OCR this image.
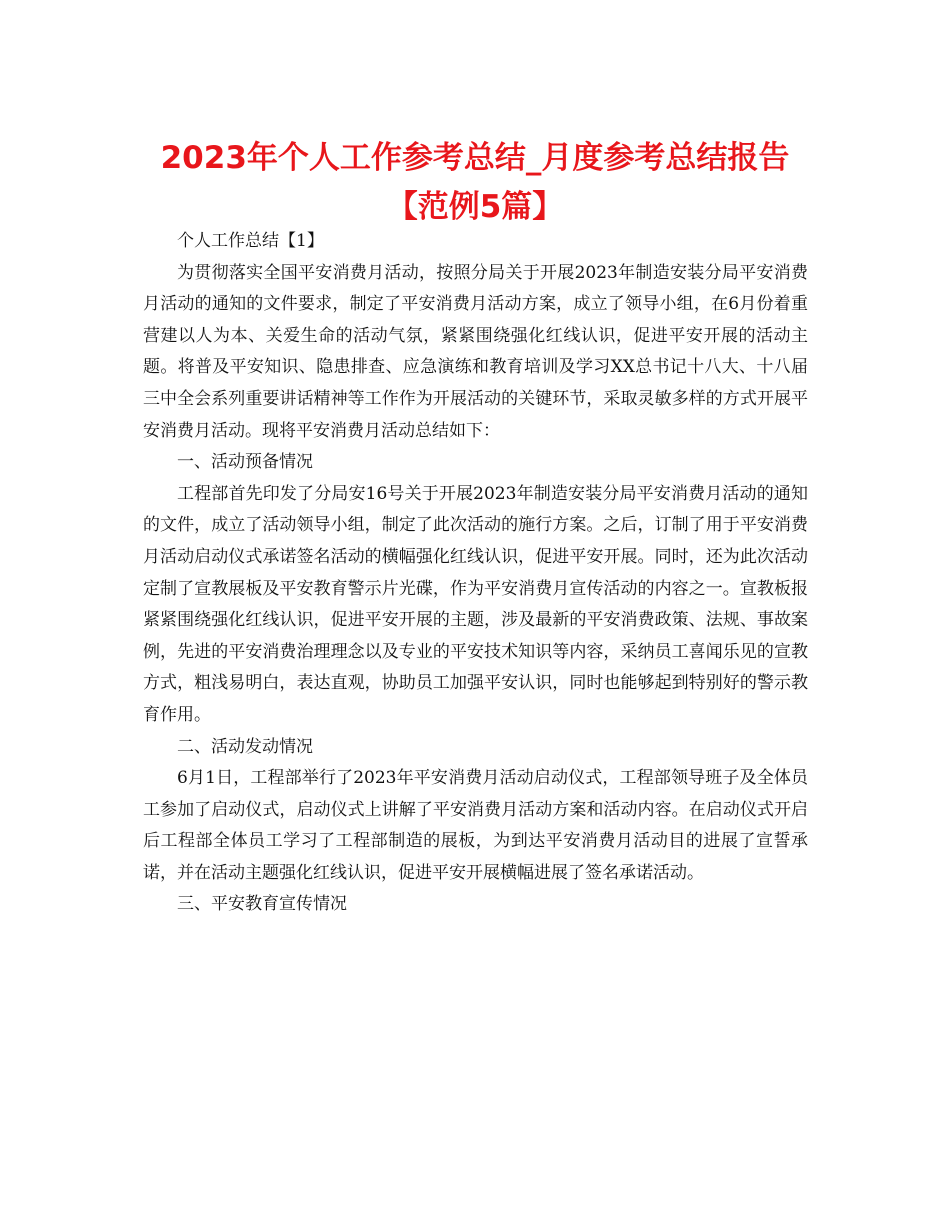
2023年个人工作参考总结_月度参考总结报告
【范例5篇】

个人工作总结【1】

为贯彻落实全国平安消费月活动，按照分局关于开展2023年制造安装分局平安消费月活动的通知的文件要求，制定了平安消费月活动方案，成立了领导小组，在6月份着重营建以人为本、关爱生命的活动气氛，紧紧围绕强化红线认识，促进平安开展的活动主题。将普及平安知识、隐患排查、应急演练和教育培训及学习XX总书记十八大、十八届三中全会系列重要讲话精神等工作作为开展活动的关键环节，采取灵敏多样的方式开展平安消费月活动。现将平安消费月活动总结如下：

一、活动预备情况

工程部首先印发了分局安16号关于开展2023年制造安装分局平安消费月活动的通知的文件，成立了活动领导小组，制定了此次活动的施行方案。之后，订制了用于平安消费月活动启动仪式承诺签名活动的横幅强化红线认识，促进平安开展。同时，还为此次活动定制了宣教展板及平安教育警示片光碟，作为平安消费月宣传活动的内容之一。宣教板报紧紧围绕强化红线认识，促进平安开展的主题，涉及最新的平安消费政策、法规、事故案例，先进的平安消费治理理念以及专业的平安技术知识等内容，采纳员工喜闻乐见的宣教方式，粗浅易明白，表达直观，协助员工加强平安认识，同时也能够起到特别好的警示教育作用。

二、活动发动情况

6月1日，工程部举行了2023年平安消费月活动启动仪式，工程部领导班子及全体员工参加了启动仪式，启动仪式上讲解了平安消费月活动方案和活动内容。在启动仪式开启后工程部全体员工学习了工程部制造的展板，为到达平安消费月活动目的进展了宣誓承诺，并在活动主题强化红线认识，促进平安开展横幅进展了签名承诺活动。

三、平安教育宣传情况
